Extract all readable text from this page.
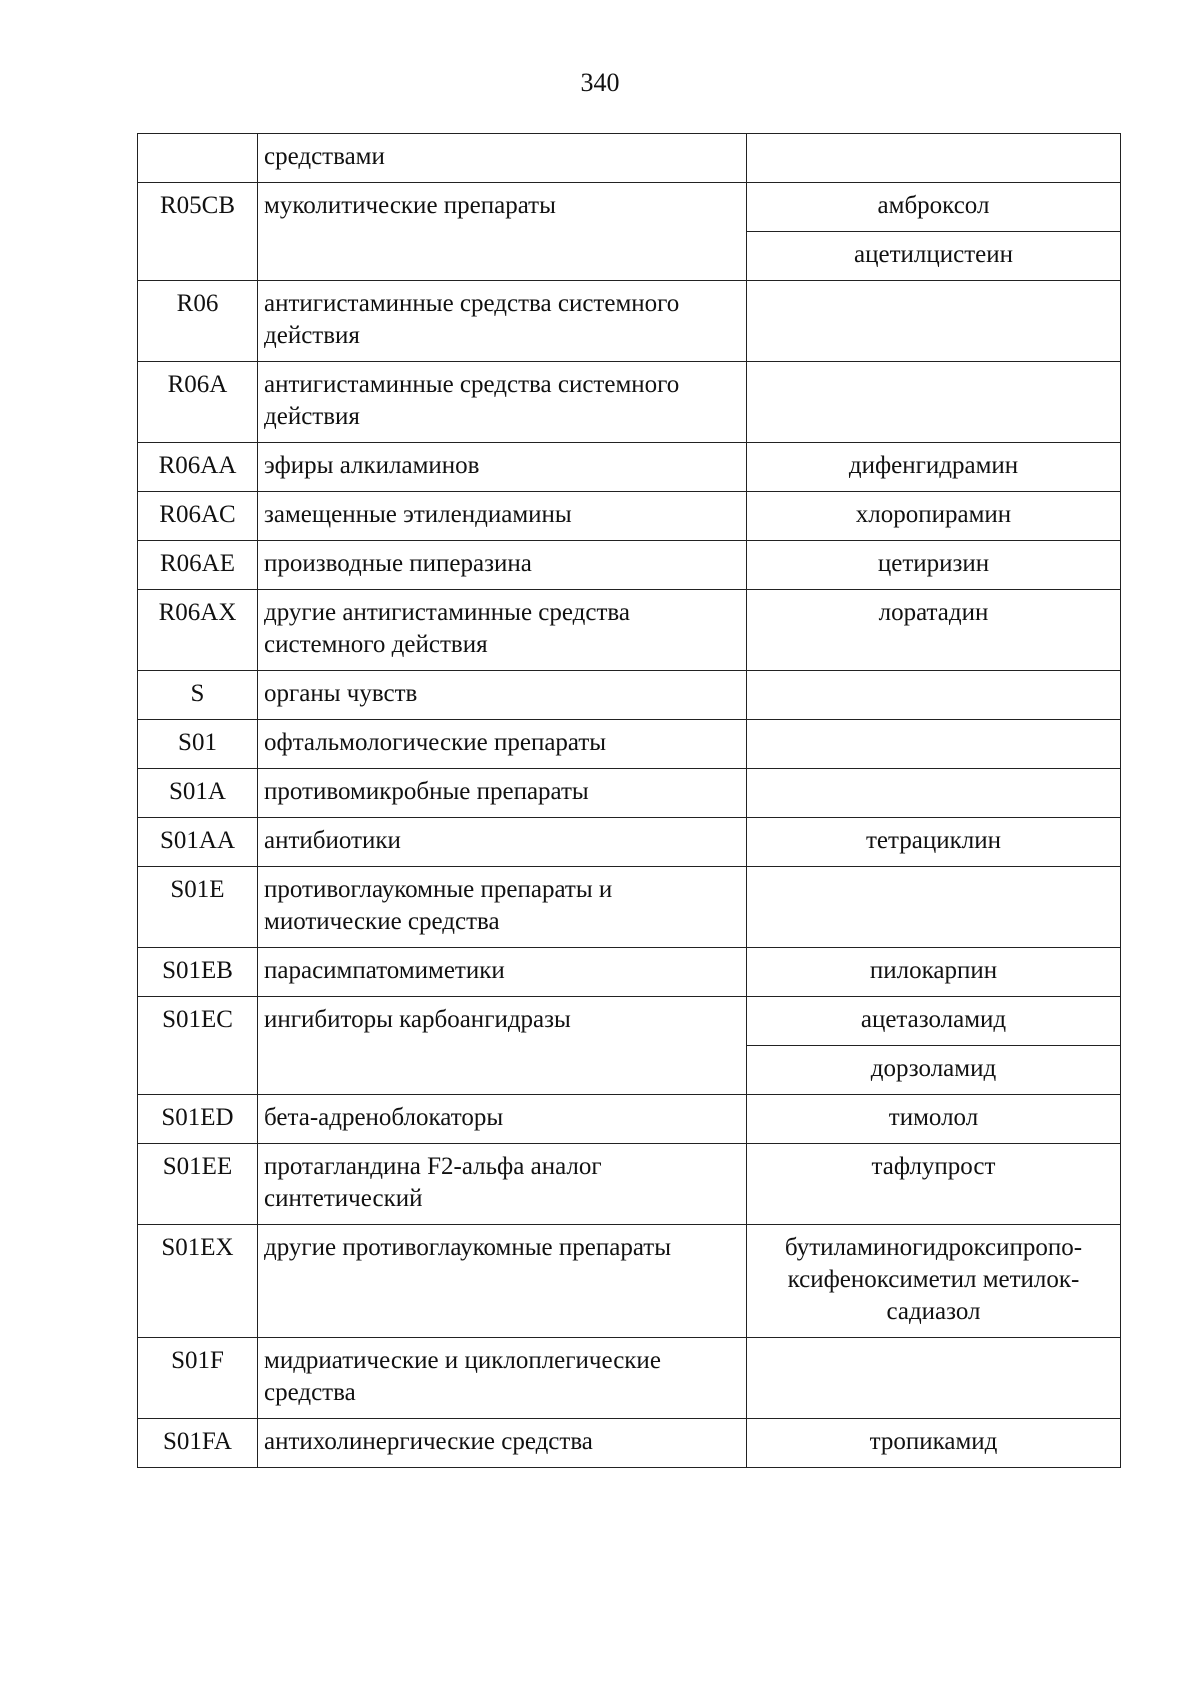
340
	средствами	
R05CB	муколитические препараты	амброксол
		ацетилцистеин
R06	антигистаминные средства системного действия	
R06A	антигистаминные средства системного действия	
R06AA	эфиры алкиламинов	дифенгидрамин
R06AC	замещенные этилендиамины	хлоропирамин
R06AE	производные пиперазина	цетиризин
R06AX	другие антигистаминные средства системного действия	лоратадин
S	органы чувств	
S01	офтальмологические препараты	
S01A	противомикробные препараты	
S01AA	антибиотики	тетрациклин
S01E	противоглаукомные препараты и миотические средства	
S01EB	парасимпатомиметики	пилокарпин
S01EC	ингибиторы карбоангидразы	ацетазоламид
		дорзоламид
S01ED	бета-адреноблокаторы	тимолол
S01EE	протагландина F2-альфа аналог синтетический	тафлупрост
S01EX	другие противоглаукомные препараты	бутиламиногидроксипропо-
ксифеноксиметил метилок-
садиазол

S01F	мидриатические и циклоплегические средства	
S01FA	антихолинергические средства	тропикамид
